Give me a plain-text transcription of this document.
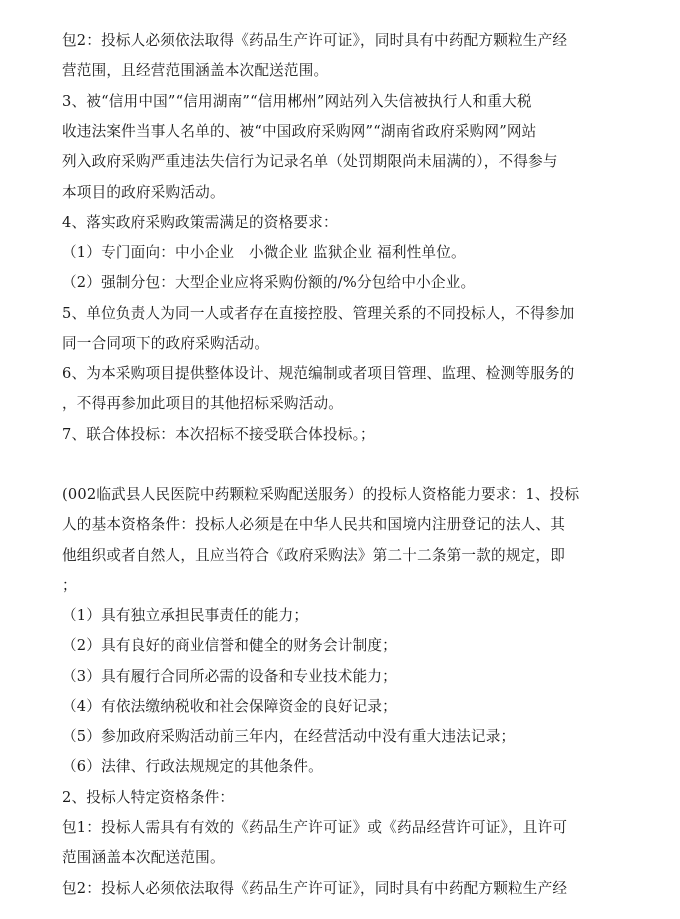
包2：投标人必须依法取得《药品生产许可证》，同时具有中药配方颗粒生产经
营范围，且经营范围涵盖本次配送范围。
3、被“信用中国”“信用湖南”“信用郴州”网站列入失信被执行人和重大税
收违法案件当事人名单的、被“中国政府采购网”“湖南省政府采购网”网站
列入政府采购严重违法失信行为记录名单（处罚期限尚未届满的），不得参与
本项目的政府采购活动。
4、落实政府采购政策需满足的资格要求：
（1）专门面向：中小企业　小微企业 监狱企业 福利性单位。
（2）强制分包：大型企业应将采购份额的/%分包给中小企业。
5、单位负责人为同一人或者存在直接控股、管理关系的不同投标人，不得参加
同一合同项下的政府采购活动。
6、为本采购项目提供整体设计、规范编制或者项目管理、监理、检测等服务的
，不得再参加此项目的其他招标采购活动。
7、联合体投标：本次招标不接受联合体投标。；
(002临武县人民医院中药颗粒采购配送服务）的投标人资格能力要求：1、投标
人的基本资格条件：投标人必须是在中华人民共和国境内注册登记的法人、其
他组织或者自然人，且应当符合《政府采购法》第二十二条第一款的规定，即
；
（1）具有独立承担民事责任的能力；
（2）具有良好的商业信誉和健全的财务会计制度；
（3）具有履行合同所必需的设备和专业技术能力；
（4）有依法缴纳税收和社会保障资金的良好记录；
（5）参加政府采购活动前三年内，在经营活动中没有重大违法记录；
（6）法律、行政法规规定的其他条件。
2、投标人特定资格条件：
包1：投标人需具有有效的《药品生产许可证》或《药品经营许可证》，且许可
范围涵盖本次配送范围。
包2：投标人必须依法取得《药品生产许可证》，同时具有中药配方颗粒生产经
